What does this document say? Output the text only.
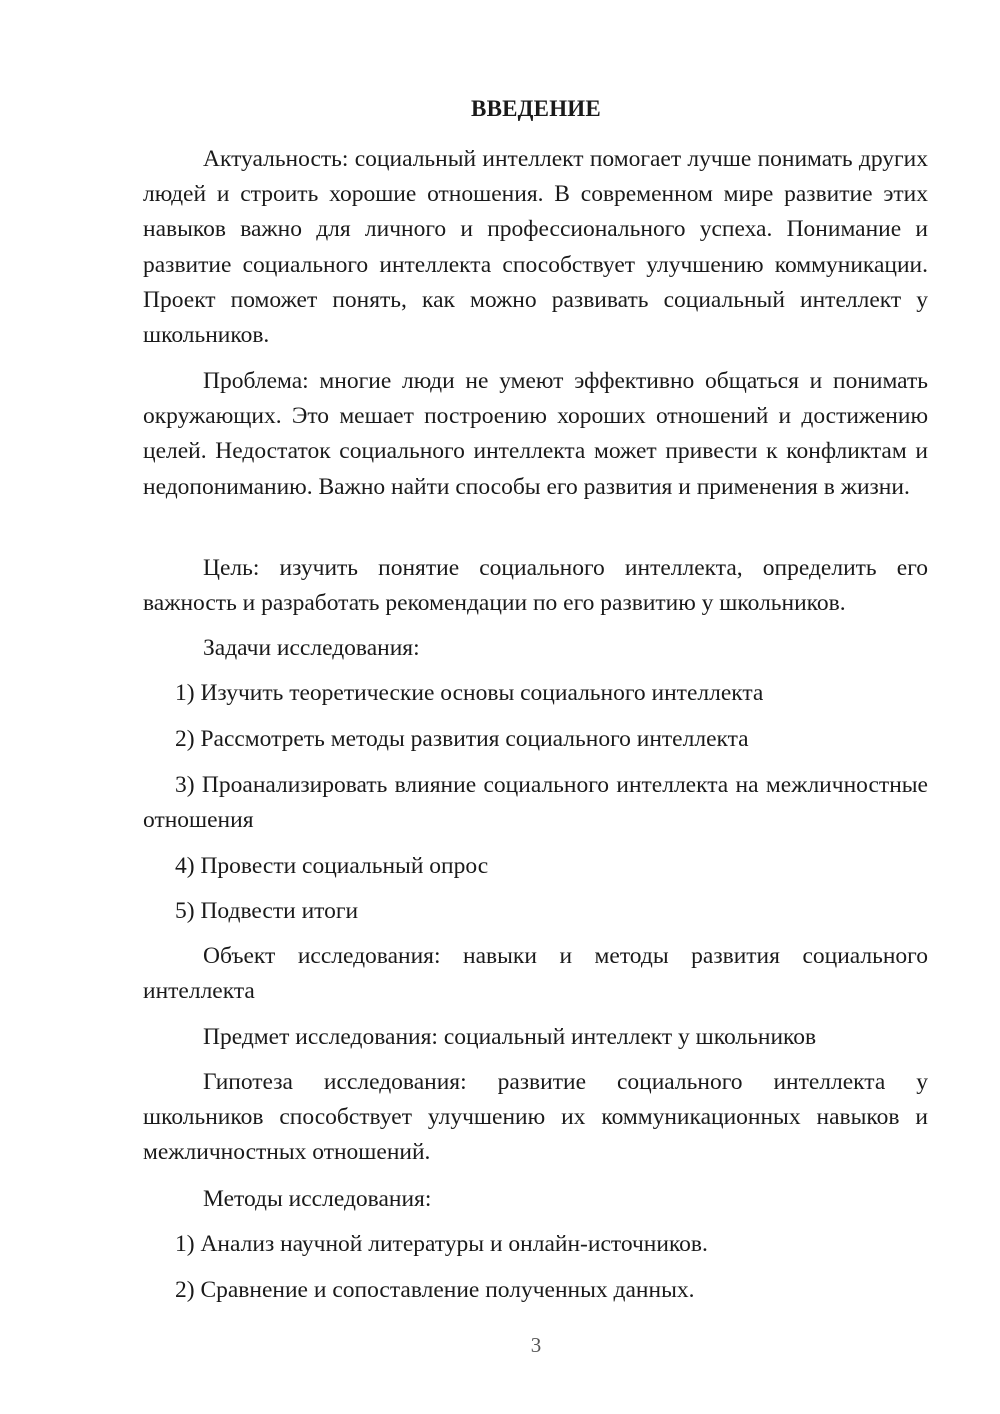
ВВЕДЕНИЕ

Актуальность: социальный интеллект помогает лучше понимать других людей и строить хорошие отношения. В современном мире развитие этих навыков важно для личного и профессионального успеха. Понимание и развитие социального интеллекта способствует улучшению коммуникации. Проект поможет понять, как можно развивать социальный интеллект у школьников.

Проблема: многие люди не умеют эффективно общаться и понимать окружающих. Это мешает построению хороших отношений и достижению целей. Недостаток социального интеллекта может привести к конфликтам и недопониманию. Важно найти способы его развития и применения в жизни.

Цель: изучить понятие социального интеллекта, определить его важность и разработать рекомендации по его развитию у школьников.

Задачи исследования:

1) Изучить теоретические основы социального интеллекта

2) Рассмотреть методы развития социального интеллекта

3) Проанализировать влияние социального интеллекта на межличностные отношения

4) Провести социальный опрос

5) Подвести итоги

Объект исследования: навыки и методы развития социального интеллекта

Предмет исследования: социальный интеллект у школьников

Гипотеза исследования: развитие социального интеллекта у школьников способствует улучшению их коммуникационных навыков и межличностных отношений.

Методы исследования:

1) Анализ научной литературы и онлайн-источников.

2) Сравнение и сопоставление полученных данных.

3
